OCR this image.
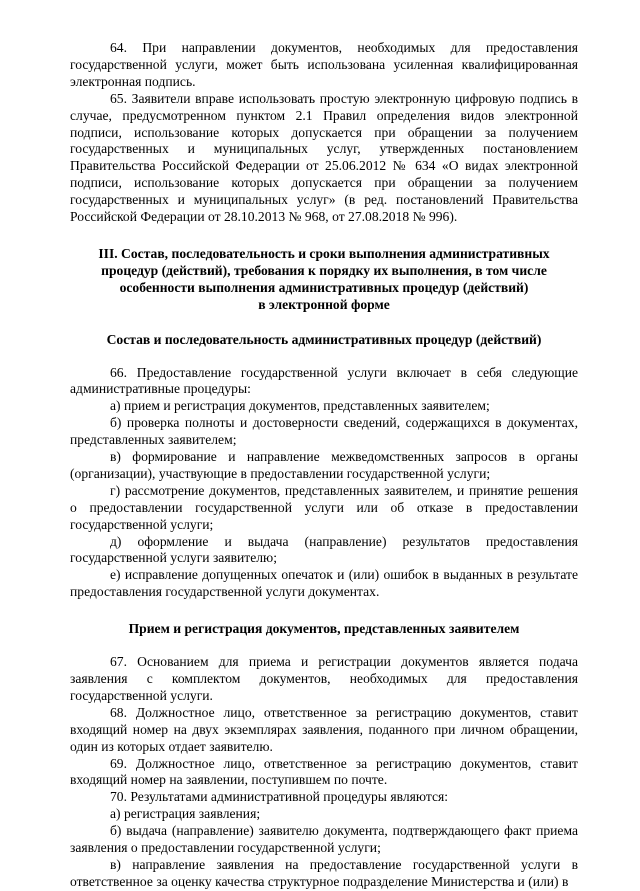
64. При направлении документов, необходимых для предоставления государственной услуги, может быть использована усиленная квалифицированная электронная подпись.

65. Заявители вправе использовать простую электронную цифровую подпись в случае, предусмотренном пунктом 2.1 Правил определения видов электронной подписи, использование которых допускается при обращении за получением государственных и муниципальных услуг, утвержденных постановлением Правительства Российской Федерации от 25.06.2012 № 634 «О видах электронной подписи, использование которых допускается при обращении за получением государственных и муниципальных услуг» (в ред. постановлений Правительства Российской Федерации от 28.10.2013 № 968, от 27.08.2018 № 996).

III. Состав, последовательность и сроки выполнения административных
процедур (действий), требования к порядку их выполнения, в том числе
особенности выполнения административных процедур (действий)
в электронной форме
Состав и последовательность административных процедур (действий)

66. Предоставление государственной услуги включает в себя следующие административные процедуры:

а) прием и регистрация документов, представленных заявителем;

б) проверка полноты и достоверности сведений, содержащихся в документах, представленных заявителем;

в) формирование и направление межведомственных запросов в органы (организации), участвующие в предоставлении государственной услуги;

г) рассмотрение документов, представленных заявителем, и принятие решения о предоставлении государственной услуги или об отказе в предоставлении государственной услуги;

д) оформление и выдача (направление) результатов предоставления государственной услуги заявителю;

е) исправление допущенных опечаток и (или) ошибок в выданных в результате предоставления государственной услуги документах.

Прием и регистрация документов, представленных заявителем

67. Основанием для приема и регистрации документов является подача заявления с комплектом документов, необходимых для предоставления государственной услуги.

68. Должностное лицо, ответственное за регистрацию документов, ставит входящий номер на двух экземплярах заявления, поданного при личном обращении, один из которых отдает заявителю.

69. Должностное лицо, ответственное за регистрацию документов, ставит входящий номер на заявлении, поступившем по почте.

70. Результатами административной процедуры являются:

а) регистрация заявления;

б) выдача (направление) заявителю документа, подтверждающего факт приема заявления о предоставлении государственной услуги;

в) направление заявления на предоставление государственной услуги в ответственное за оценку качества структурное подразделение Министерства и (или) в
